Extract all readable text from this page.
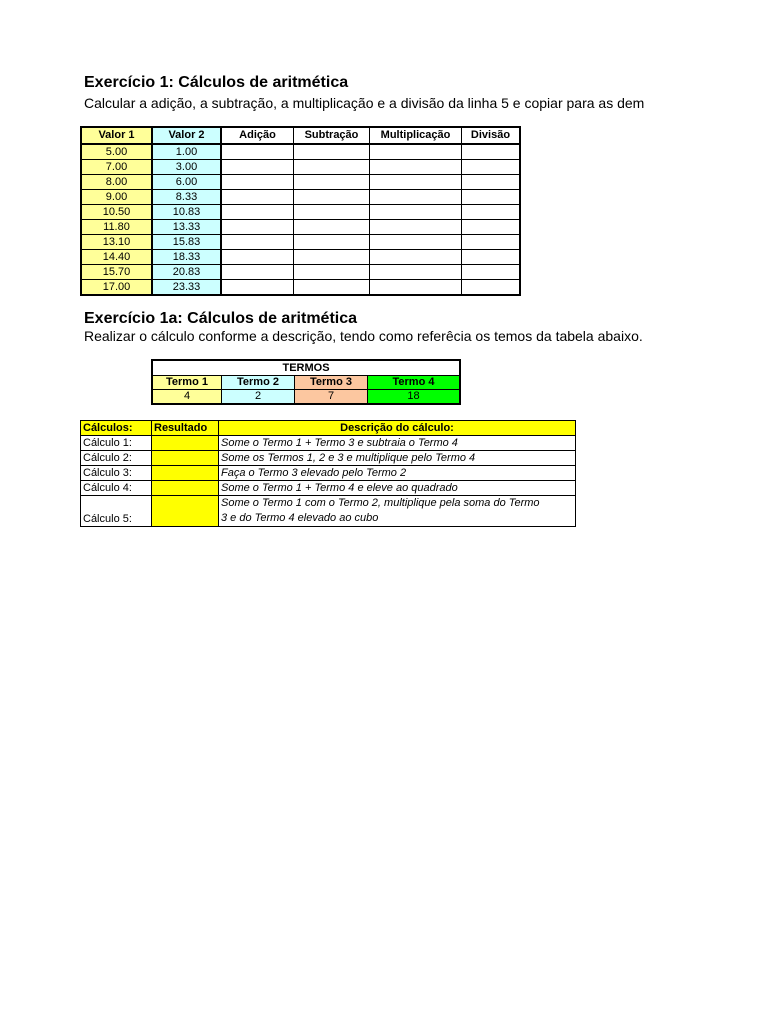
Exercício 1: Cálculos de aritmética
Calcular a adição, a subtração, a multiplicação e a divisão da linha 5 e copiar para as dem
Valor 1	Valor 2	Adição	Subtração	Multiplicação	Divisão
5.00	1.00				
7.00	3.00				
8.00	6.00				
9.00	8.33				
10.50	10.83				
11.80	13.33				
13.10	15.83				
14.40	18.33				
15.70	20.83				
17.00	23.33				
Exercício 1a: Cálculos de aritmética
Realizar o cálculo conforme a descrição, tendo como referêcia os temos da tabela abaixo.
TERMOS			
Termo 1	Termo 2	Termo 3	Termo 4
4	2	7	18
Cálculos:	Resultado	Descrição do cálculo:
Cálculo 1:		Some o Termo 1 + Termo 3 e subtraia o Termo 4
Cálculo 2:		Some os Termos 1, 2 e 3 e multiplique pelo Termo 4
Cálculo 3:		Faça o Termo 3 elevado pelo Termo 2
Cálculo 4:		Some o Termo 1 + Termo 4 e eleve ao quadrado
Cálculo 5:		Some o Termo 1 com o Termo 2, multiplique pela soma do Termo
3 e do Termo 4 elevado ao cubo
